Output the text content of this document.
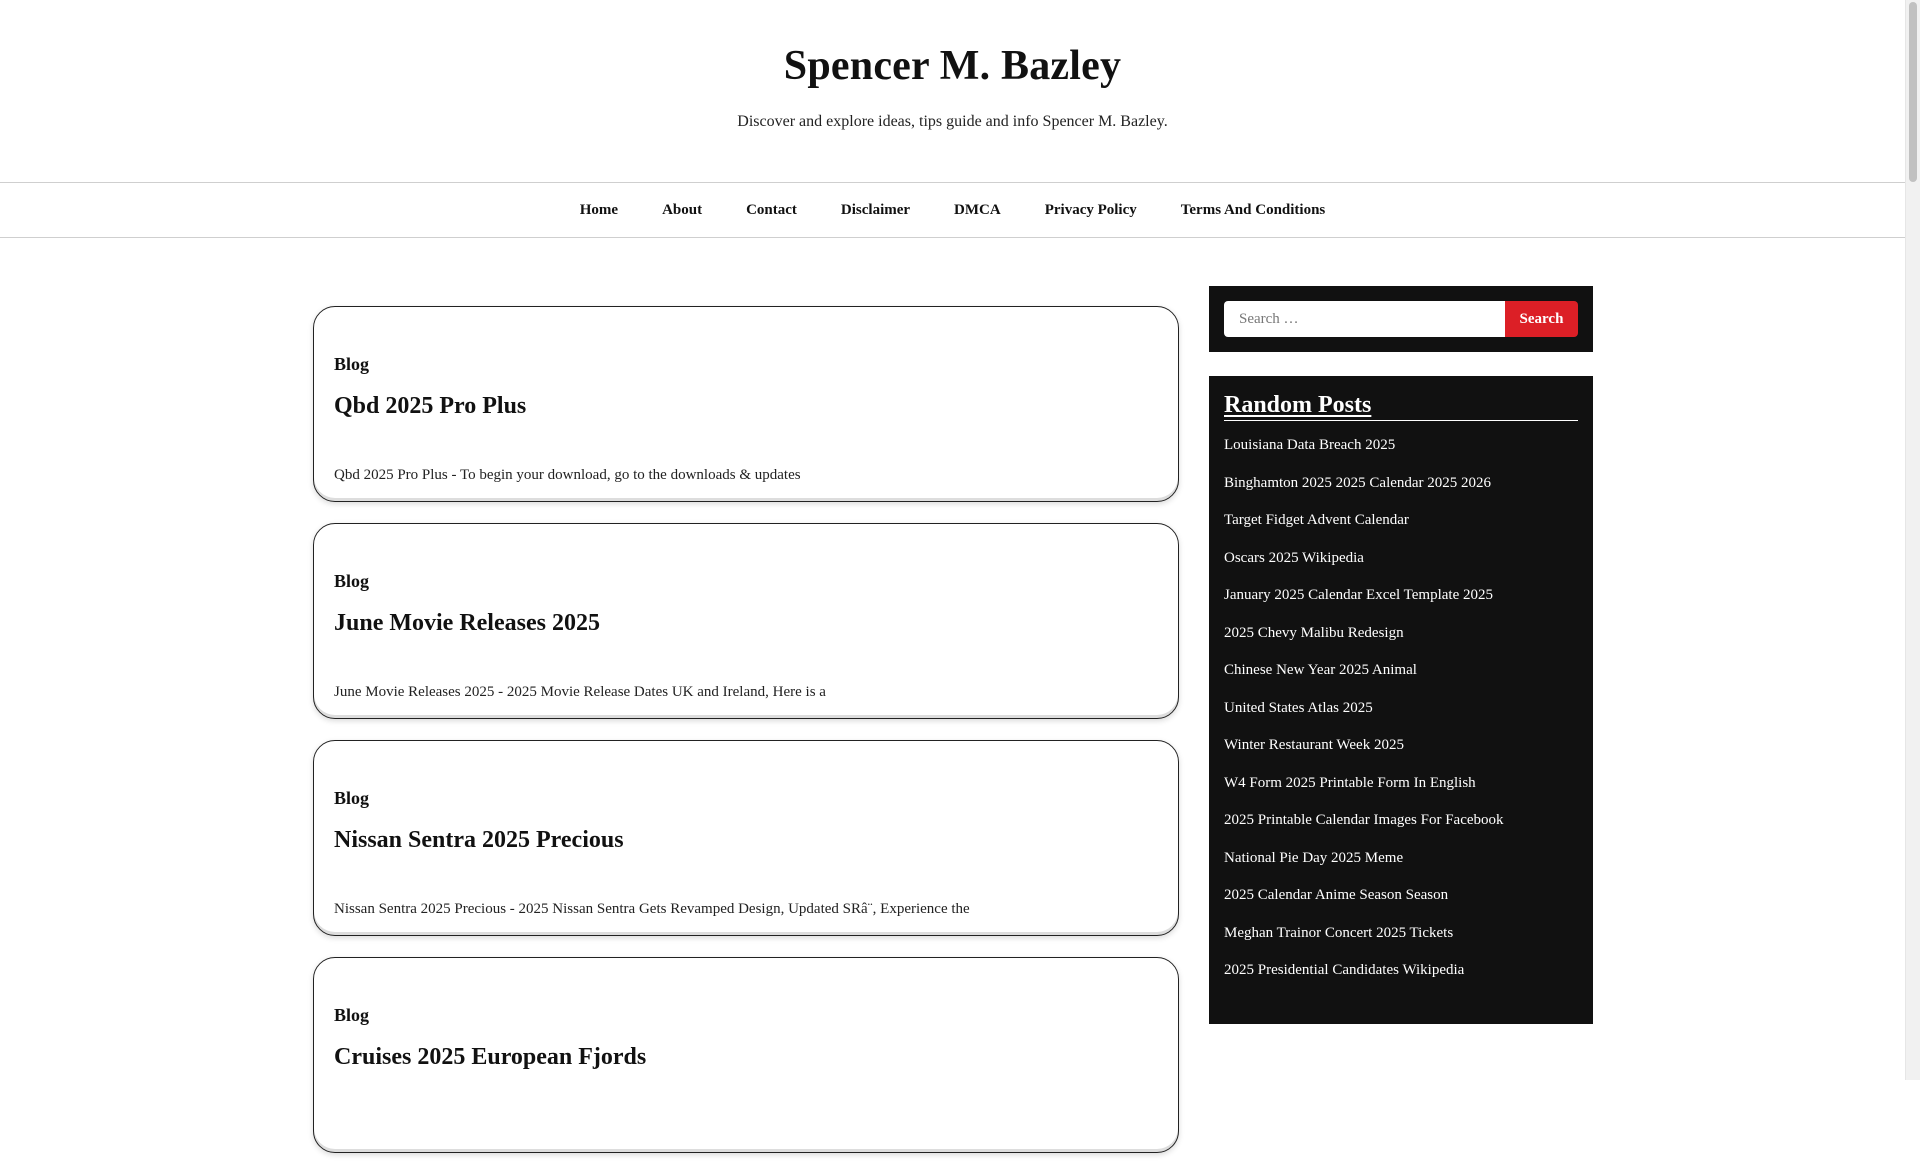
Spencer M. Bazley

Discover and explore ideas, tips guide and info Spencer M. Bazley.

Home	About	Contact	Disclaimer	DMCA	Privacy Policy	Terms And Conditions
Blog
Qbd 2025 Pro Plus

Qbd 2025 Pro Plus - To begin your download, go to the downloads & updates

Blog
June Movie Releases 2025

June Movie Releases 2025 - 2025 Movie Release Dates UK and Ireland, Here is a

Blog
Nissan Sentra 2025 Precious

Nissan Sentra 2025 Precious - 2025 Nissan Sentra Gets Revamped Design, Updated SRâ¨, Experience the

Blog
Cruises 2025 European Fjords

Search …
Search
Random Posts
Louisiana Data Breach 2025
Binghamton 2025 2025 Calendar 2025 2026
Target Fidget Advent Calendar
Oscars 2025 Wikipedia
January 2025 Calendar Excel Template 2025
2025 Chevy Malibu Redesign
Chinese New Year 2025 Animal
United States Atlas 2025
Winter Restaurant Week 2025
W4 Form 2025 Printable Form In English
2025 Printable Calendar Images For Facebook
National Pie Day 2025 Meme
2025 Calendar Anime Season Season
Meghan Trainor Concert 2025 Tickets
2025 Presidential Candidates Wikipedia
